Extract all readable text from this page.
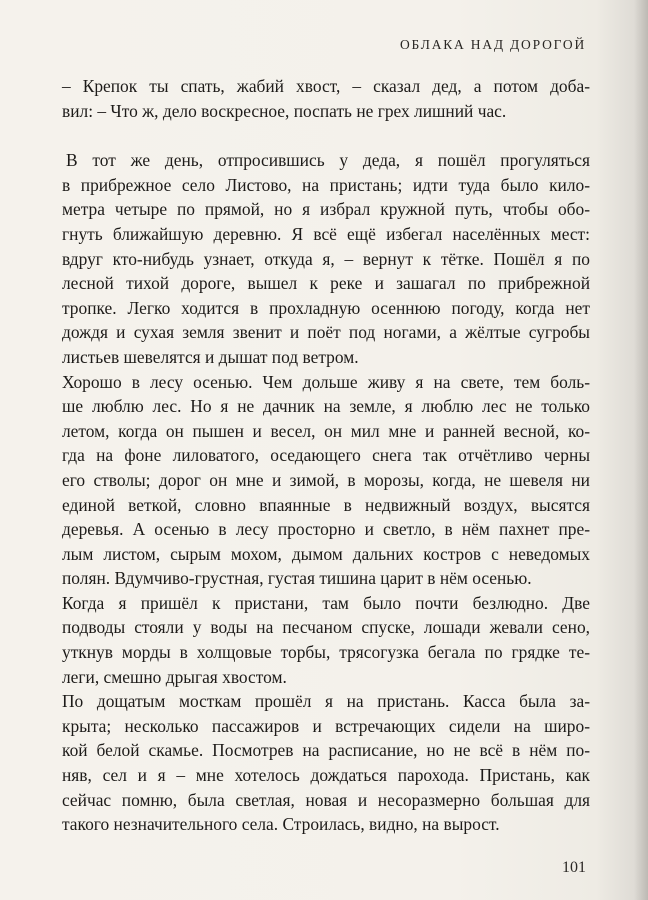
ОБЛАКА НАД ДОРОГОЙ

– Крепок ты спать, жабий хвост, – сказал дед, а потом доба-
вил: – Что ж, дело воскресное, поспать не грех лишний час.

В тот же день, отпросившись у деда, я пошёл прогуляться
в прибрежное село Листово, на пристань; идти туда было кило-
метра четыре по прямой, но я избрал кружной путь, чтобы обо-
гнуть ближайшую деревню. Я всё ещё избегал населённых мест:
вдруг кто-нибудь узнает, откуда я, – вернут к тётке. Пошёл я по
лесной тихой дороге, вышел к реке и зашагал по прибрежной
тропке. Легко ходится в прохладную осеннюю погоду, когда нет
дождя и сухая земля звенит и поёт под ногами, а жёлтые сугробы
листьев шевелятся и дышат под ветром.

Хорошо в лесу осенью. Чем дольше живу я на свете, тем боль-
ше люблю лес. Но я не дачник на земле, я люблю лес не только
летом, когда он пышен и весел, он мил мне и ранней весной, ко-
гда на фоне лиловатого, оседающего снега так отчётливо черны
его стволы; дорог он мне и зимой, в морозы, когда, не шевеля ни
единой веткой, словно впаянные в недвижный воздух, высятся
деревья. А осенью в лесу просторно и светло, в нём пахнет пре-
лым листом, сырым мохом, дымом дальних костров с неведомых
полян. Вдумчиво-грустная, густая тишина царит в нём осенью.

Когда я пришёл к пристани, там было почти безлюдно. Две
подводы стояли у воды на песчаном спуске, лошади жевали сено,
уткнув морды в холщовые торбы, трясогузка бегала по грядке те-
леги, смешно дрыгая хвостом.

По дощатым мосткам прошёл я на пристань. Касса была за-
крыта; несколько пассажиров и встречающих сидели на широ-
кой белой скамье. Посмотрев на расписание, но не всё в нём по-
няв, сел и я – мне хотелось дождаться парохода. Пристань, как
сейчас помню, была светлая, новая и несоразмерно большая для
такого незначительного села. Строилась, видно, на вырост.

101
